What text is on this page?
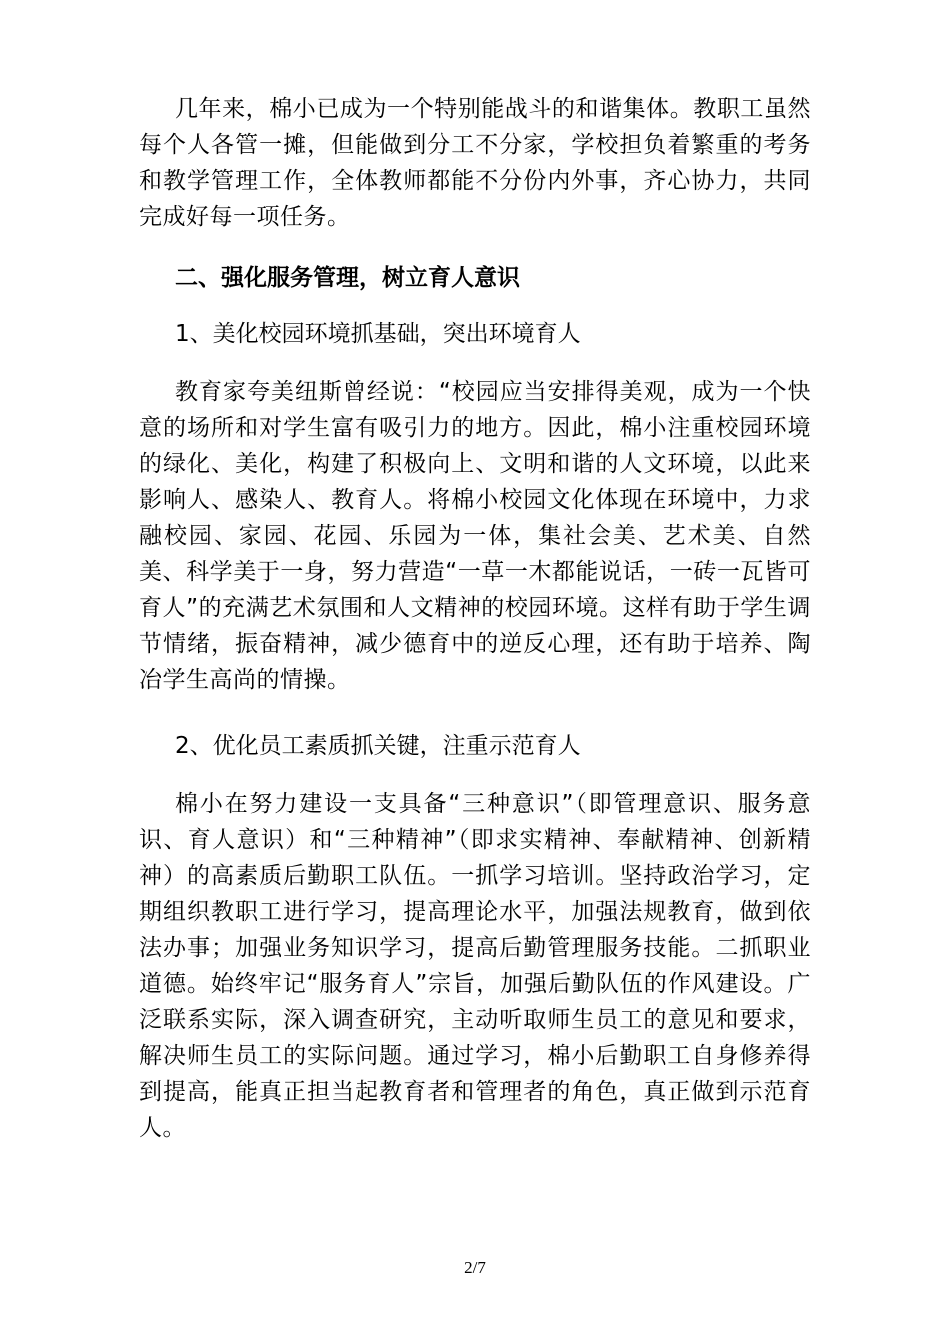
几年来，棉小已成为一个特别能战斗的和谐集体。教职工虽然每个人各管一摊，但能做到分工不分家，学校担负着繁重的考务和教学管理工作，全体教师都能不分份内外事，齐心协力，共同完成好每一项任务。

二、强化服务管理，树立育人意识

1、美化校园环境抓基础，突出环境育人

教育家夸美纽斯曾经说：“校园应当安排得美观，成为一个快意的场所和对学生富有吸引力的地方。因此，棉小注重校园环境的绿化、美化，构建了积极向上、文明和谐的人文环境，以此来影响人、感染人、教育人。将棉小校园文化体现在环境中，力求融校园、家园、花园、乐园为一体，集社会美、艺术美、自然美、科学美于一身，努力营造“一草一木都能说话，一砖一瓦皆可育人”的充满艺术氛围和人文精神的校园环境。这样有助于学生调节情绪，振奋精神，减少德育中的逆反心理，还有助于培养、陶冶学生高尚的情操。

2、优化员工素质抓关键，注重示范育人

棉小在努力建设一支具备“三种意识”（即管理意识、服务意识、育人意识）和“三种精神”（即求实精神、奉献精神、创新精神）的高素质后勤职工队伍。一抓学习培训。坚持政治学习，定期组织教职工进行学习，提高理论水平，加强法规教育，做到依法办事；加强业务知识学习，提高后勤管理服务技能。二抓职业道德。始终牢记“服务育人”宗旨，加强后勤队伍的作风建设。广泛联系实际，深入调查研究，主动听取师生员工的意见和要求，解决师生员工的实际问题。通过学习，棉小后勤职工自身修养得到提高，能真正担当起教育者和管理者的角色，真正做到示范育人。

2/7
